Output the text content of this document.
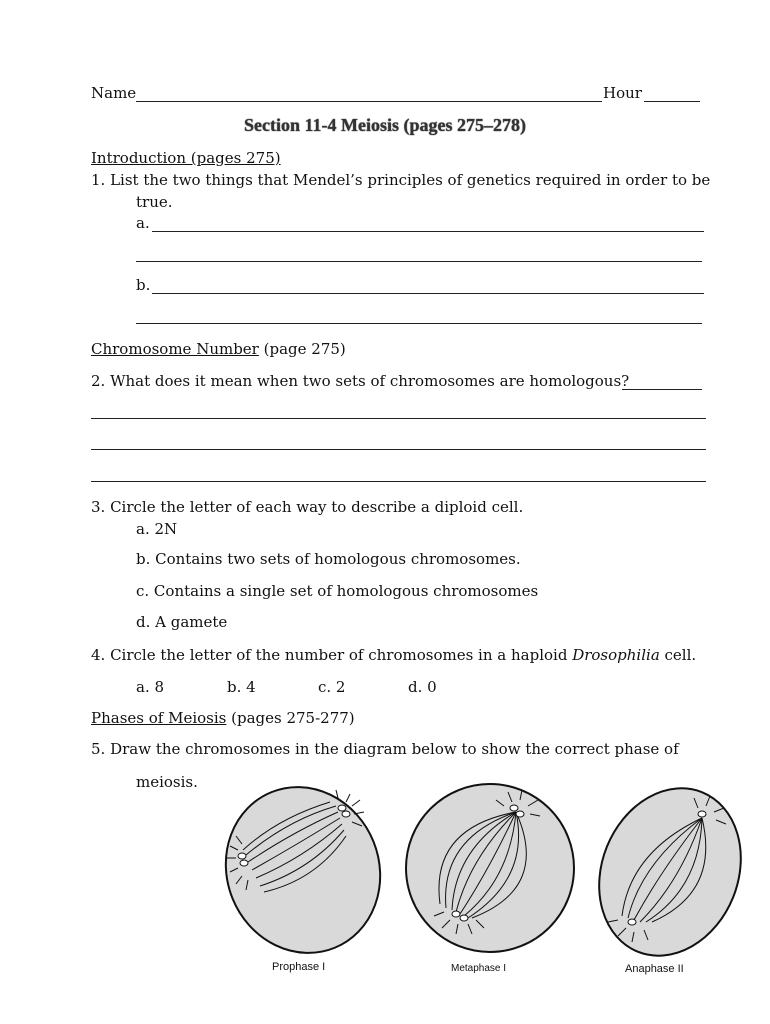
Name	Hour
Section 11-4 Meiosis (pages 275–278)
Introduction (pages 275)
1. List the two things that Mendel’s principles of genetics required in order to be
true.
a.
b.
Chromosome Number (page 275)
2. What does it mean when two sets of chromosomes are homologous?
3. Circle the letter of each way to describe a diploid cell.
a. 2N
b. Contains two sets of homologous chromosomes.
c. Contains a single set of homologous chromosomes
d. A gamete
4. Circle the letter of the number of chromosomes in a haploid Drosophilia cell.
a. 8	b. 4	c. 2	d. 0
Phases of Meiosis (pages 275-277)
5. Draw the chromosomes in the diagram below to show the correct phase of
meiosis.
Prophase I	Metaphase I	Anaphase II
